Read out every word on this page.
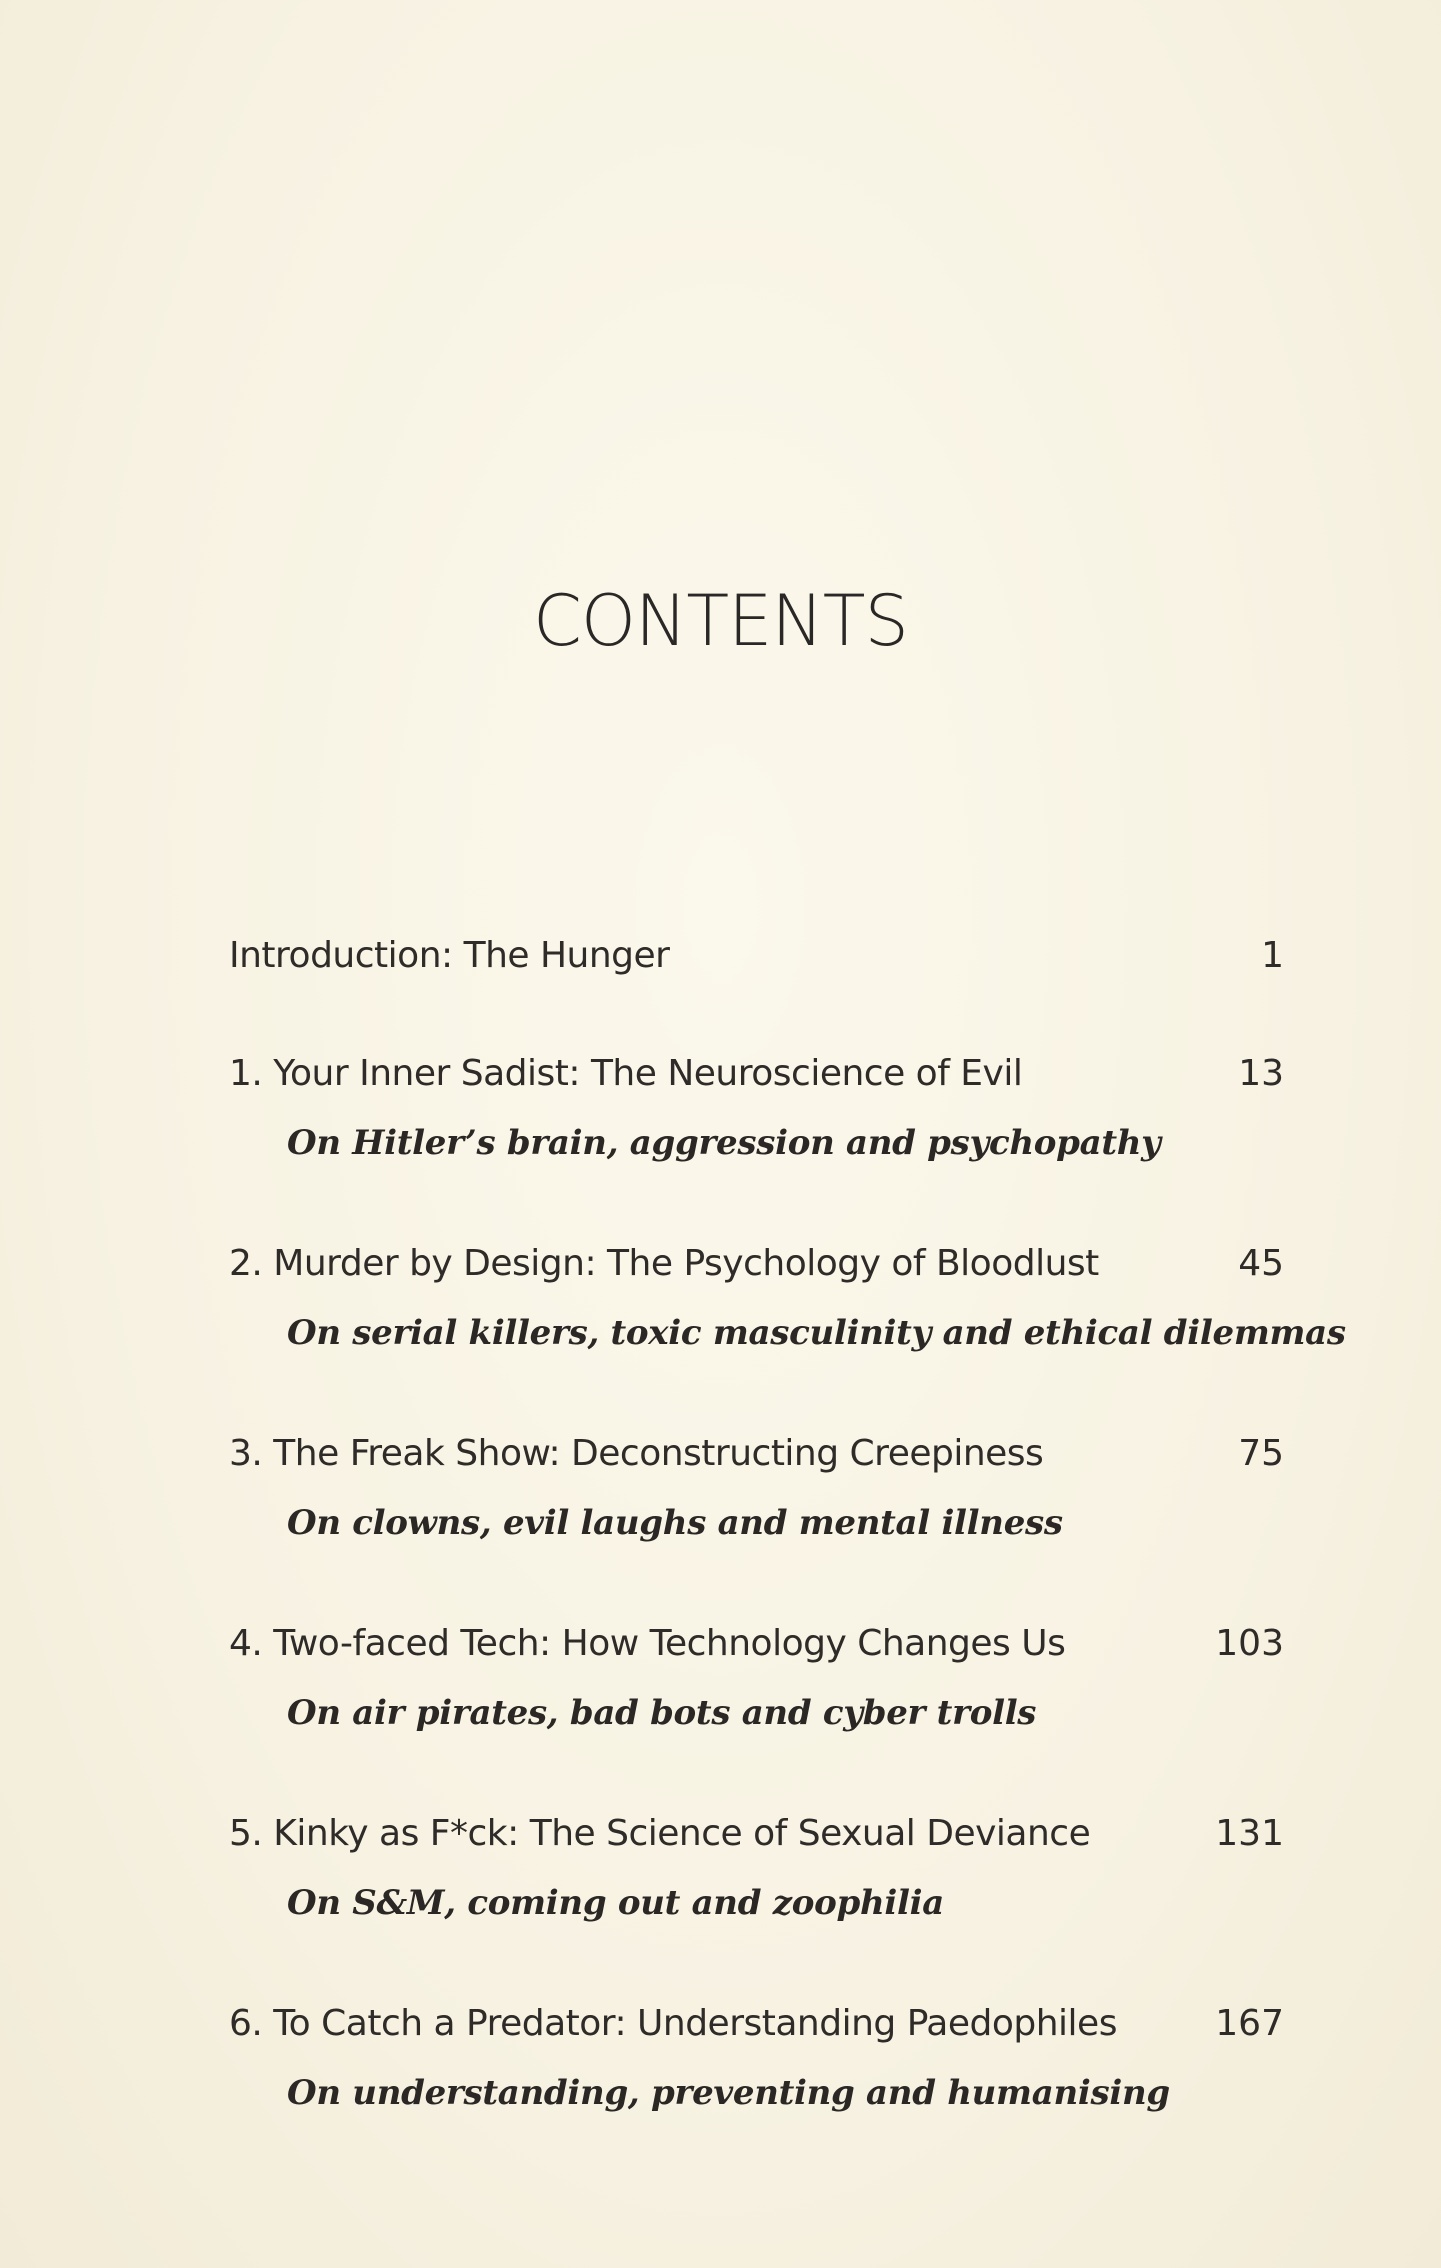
CONTENTS
Introduction: The Hunger	1
1. Your Inner Sadist: The Neuroscience of Evil	13
On Hitler’s brain, aggression and psychopathy
2. Murder by Design: The Psychology of Bloodlust	45
On serial killers, toxic masculinity and ethical dilemmas
3. The Freak Show: Deconstructing Creepiness	75
On clowns, evil laughs and mental illness
4. Two-faced Tech: How Technology Changes Us	103
On air pirates, bad bots and cyber trolls
5. Kinky as F*ck: The Science of Sexual Deviance	131
On S&M, coming out and zoophilia
6. To Catch a Predator: Understanding Paedophiles	167
On understanding, preventing and humanising
